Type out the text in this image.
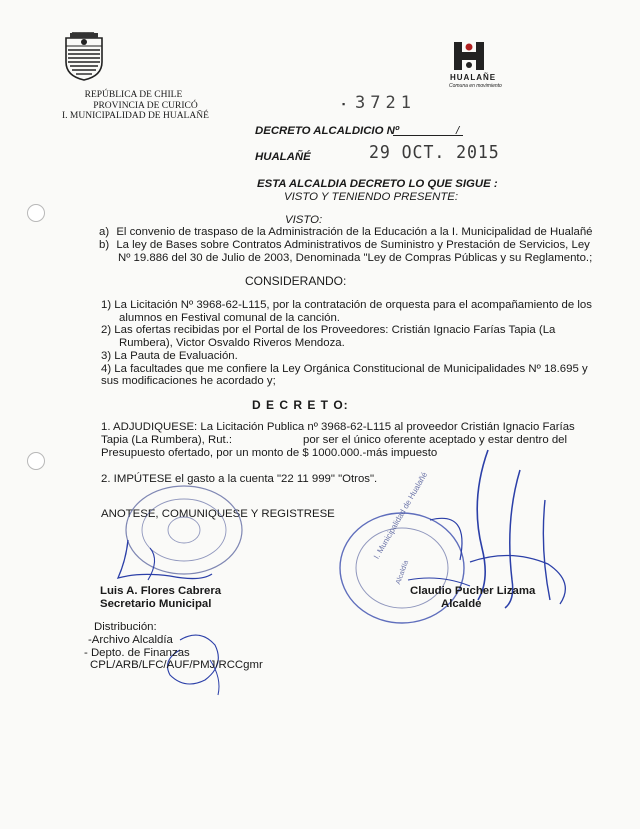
HUALAÑE
Comuna en movimiento
REPÚBLICA DE CHILE
PROVINCIA DE CURICÓ
I. MUNICIPALIDAD DE HUALAÑÉ
▪ 3721
DECRETO ALCALDICIO Nº	/
HUALAÑÉ	29 OCT. 2015
ESTA ALCALDIA DECRETO LO QUE SIGUE :
VISTO Y TENIENDO PRESENTE:
VISTO:
a) El convenio de traspaso de la Administración de la Educación a la I. Municipalidad de Hualañé
b) La ley de Bases sobre Contratos Administrativos de Suministro y Prestación de Servicios, Ley
Nº 19.886 del 30 de Julio de 2003, Denominada "Ley de Compras Públicas y su Reglamento.;
CONSIDERANDO:
1) La Licitación Nº 3968-62-L115, por la contratación de orquesta para el acompañamiento de los
alumnos en Festival comunal de la canción.
2) Las ofertas recibidas por el Portal de los Proveedores: Cristián Ignacio Farías Tapia (La
Rumbera), Victor Osvaldo Riveros Mendoza.
3) La Pauta de Evaluación.
4) La facultades que me confiere la Ley Orgánica Constitucional de Municipalidades Nº 18.695 y
sus modificaciones he acordado y;
D E C R E T O:
1. ADJUDIQUESE: La Licitación Publica nº 3968-62-L115 al proveedor Cristián Ignacio Farías
Tapia (La Rumbera), Rut.:	por ser el único oferente aceptado y estar dentro del
Presupuesto ofertado, por un monto de $ 1000.000.-más impuesto
2. IMPÚTESE el gasto a la cuenta "22 11 999" "Otros".
ANOTESE, COMUNIQUESE Y REGISTRESE	I. Municipalidad de Hualañé
Alcaldía
Luis A. Flores Cabrera
Secretario Municipal
Claudio Pucher Lizama
Alcalde
Distribución:
-Archivo Alcaldía
- Depto. de Finanzas
CPL/ARB/LFC/AUF/PMJ/RCCgmr
